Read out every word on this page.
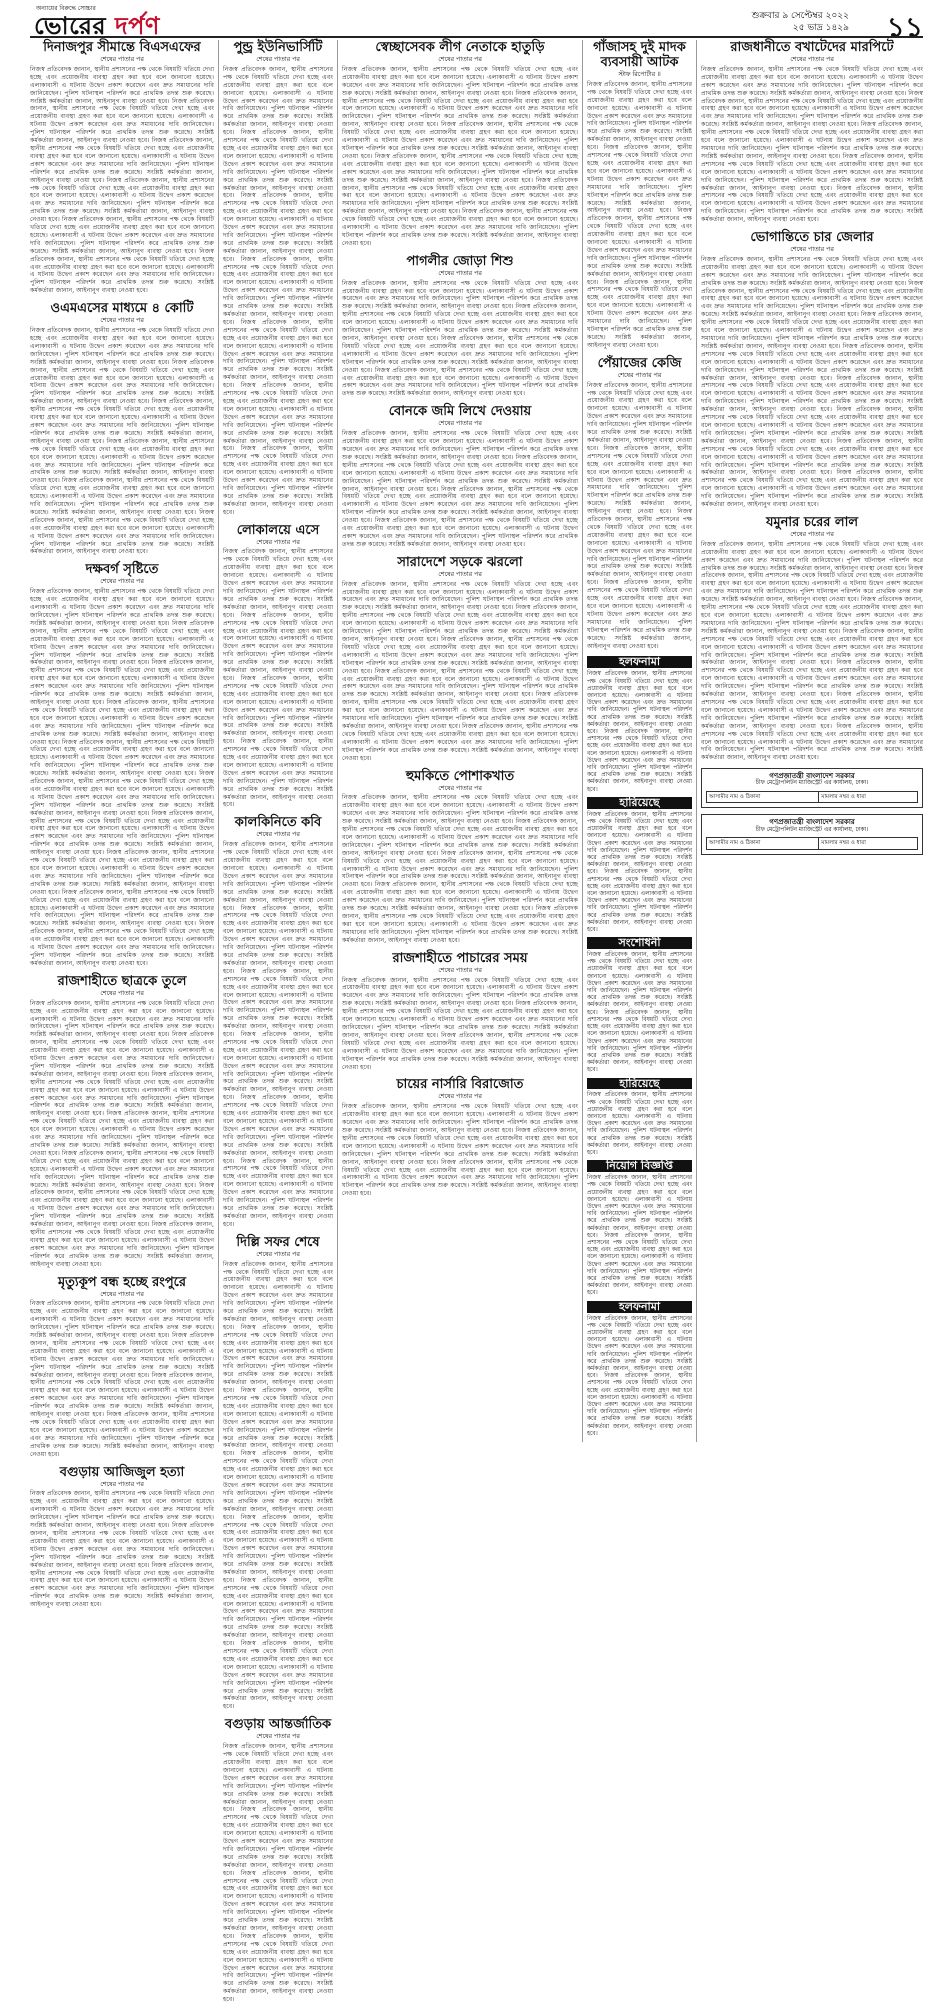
অন্যায়ের বিরুদ্ধে সোচ্চার
ভোরের দর্পণ	শুক্রবার ৯ সেপ্টেম্বর ২০২২
২৫ ভাদ্র ১৪২৯ ১১
দিনাজপুর সীমান্তে বিএসএফের
শেষের পাতার পর

নিজস্ব প্রতিবেদক জানান, স্থানীয় প্রশাসনের পক্ষ থেকে বিষয়টি খতিয়ে দেখা হচ্ছে এবং প্রয়োজনীয় ব্যবস্থা গ্রহণ করা হবে বলে জানানো হয়েছে। এলাকাবাসী এ ঘটনায় উদ্বেগ প্রকাশ করেছেন এবং দ্রুত সমাধানের দাবি জানিয়েছেন। পুলিশ ঘটনাস্থল পরিদর্শন করে প্রাথমিক তদন্ত শুরু করেছে। সংশ্লিষ্ট কর্মকর্তারা জানান, আইনানুগ ব্যবস্থা নেওয়া হবে। নিজস্ব প্রতিবেদক জানান, স্থানীয় প্রশাসনের পক্ষ থেকে বিষয়টি খতিয়ে দেখা হচ্ছে এবং প্রয়োজনীয় ব্যবস্থা গ্রহণ করা হবে বলে জানানো হয়েছে। এলাকাবাসী এ ঘটনায় উদ্বেগ প্রকাশ করেছেন এবং দ্রুত সমাধানের দাবি জানিয়েছেন। পুলিশ ঘটনাস্থল পরিদর্শন করে প্রাথমিক তদন্ত শুরু করেছে। সংশ্লিষ্ট কর্মকর্তারা জানান, আইনানুগ ব্যবস্থা নেওয়া হবে। নিজস্ব প্রতিবেদক জানান, স্থানীয় প্রশাসনের পক্ষ থেকে বিষয়টি খতিয়ে দেখা হচ্ছে এবং প্রয়োজনীয় ব্যবস্থা গ্রহণ করা হবে বলে জানানো হয়েছে। এলাকাবাসী এ ঘটনায় উদ্বেগ প্রকাশ করেছেন এবং দ্রুত সমাধানের দাবি জানিয়েছেন। পুলিশ ঘটনাস্থল পরিদর্শন করে প্রাথমিক তদন্ত শুরু করেছে। সংশ্লিষ্ট কর্মকর্তারা জানান, আইনানুগ ব্যবস্থা নেওয়া হবে। নিজস্ব প্রতিবেদক জানান, স্থানীয় প্রশাসনের পক্ষ থেকে বিষয়টি খতিয়ে দেখা হচ্ছে এবং প্রয়োজনীয় ব্যবস্থা গ্রহণ করা হবে বলে জানানো হয়েছে। এলাকাবাসী এ ঘটনায় উদ্বেগ প্রকাশ করেছেন এবং দ্রুত সমাধানের দাবি জানিয়েছেন। পুলিশ ঘটনাস্থল পরিদর্শন করে প্রাথমিক তদন্ত শুরু করেছে। সংশ্লিষ্ট কর্মকর্তারা জানান, আইনানুগ ব্যবস্থা নেওয়া হবে। নিজস্ব প্রতিবেদক জানান, স্থানীয় প্রশাসনের পক্ষ থেকে বিষয়টি খতিয়ে দেখা হচ্ছে এবং প্রয়োজনীয় ব্যবস্থা গ্রহণ করা হবে বলে জানানো হয়েছে। এলাকাবাসী এ ঘটনায় উদ্বেগ প্রকাশ করেছেন এবং দ্রুত সমাধানের দাবি জানিয়েছেন। পুলিশ ঘটনাস্থল পরিদর্শন করে প্রাথমিক তদন্ত শুরু করেছে। সংশ্লিষ্ট কর্মকর্তারা জানান, আইনানুগ ব্যবস্থা নেওয়া হবে। নিজস্ব প্রতিবেদক জানান, স্থানীয় প্রশাসনের পক্ষ থেকে বিষয়টি খতিয়ে দেখা হচ্ছে এবং প্রয়োজনীয় ব্যবস্থা গ্রহণ করা হবে বলে জানানো হয়েছে। এলাকাবাসী এ ঘটনায় উদ্বেগ প্রকাশ করেছেন এবং দ্রুত সমাধানের দাবি জানিয়েছেন। পুলিশ ঘটনাস্থল পরিদর্শন করে প্রাথমিক তদন্ত শুরু করেছে। সংশ্লিষ্ট কর্মকর্তারা জানান, আইনানুগ ব্যবস্থা নেওয়া হবে।

ওএমএসের মাধ্যমে ৪ কোটি
শেষের পাতার পর

নিজস্ব প্রতিবেদক জানান, স্থানীয় প্রশাসনের পক্ষ থেকে বিষয়টি খতিয়ে দেখা হচ্ছে এবং প্রয়োজনীয় ব্যবস্থা গ্রহণ করা হবে বলে জানানো হয়েছে। এলাকাবাসী এ ঘটনায় উদ্বেগ প্রকাশ করেছেন এবং দ্রুত সমাধানের দাবি জানিয়েছেন। পুলিশ ঘটনাস্থল পরিদর্শন করে প্রাথমিক তদন্ত শুরু করেছে। সংশ্লিষ্ট কর্মকর্তারা জানান, আইনানুগ ব্যবস্থা নেওয়া হবে। নিজস্ব প্রতিবেদক জানান, স্থানীয় প্রশাসনের পক্ষ থেকে বিষয়টি খতিয়ে দেখা হচ্ছে এবং প্রয়োজনীয় ব্যবস্থা গ্রহণ করা হবে বলে জানানো হয়েছে। এলাকাবাসী এ ঘটনায় উদ্বেগ প্রকাশ করেছেন এবং দ্রুত সমাধানের দাবি জানিয়েছেন। পুলিশ ঘটনাস্থল পরিদর্শন করে প্রাথমিক তদন্ত শুরু করেছে। সংশ্লিষ্ট কর্মকর্তারা জানান, আইনানুগ ব্যবস্থা নেওয়া হবে। নিজস্ব প্রতিবেদক জানান, স্থানীয় প্রশাসনের পক্ষ থেকে বিষয়টি খতিয়ে দেখা হচ্ছে এবং প্রয়োজনীয় ব্যবস্থা গ্রহণ করা হবে বলে জানানো হয়েছে। এলাকাবাসী এ ঘটনায় উদ্বেগ প্রকাশ করেছেন এবং দ্রুত সমাধানের দাবি জানিয়েছেন। পুলিশ ঘটনাস্থল পরিদর্শন করে প্রাথমিক তদন্ত শুরু করেছে। সংশ্লিষ্ট কর্মকর্তারা জানান, আইনানুগ ব্যবস্থা নেওয়া হবে। নিজস্ব প্রতিবেদক জানান, স্থানীয় প্রশাসনের পক্ষ থেকে বিষয়টি খতিয়ে দেখা হচ্ছে এবং প্রয়োজনীয় ব্যবস্থা গ্রহণ করা হবে বলে জানানো হয়েছে। এলাকাবাসী এ ঘটনায় উদ্বেগ প্রকাশ করেছেন এবং দ্রুত সমাধানের দাবি জানিয়েছেন। পুলিশ ঘটনাস্থল পরিদর্শন করে প্রাথমিক তদন্ত শুরু করেছে। সংশ্লিষ্ট কর্মকর্তারা জানান, আইনানুগ ব্যবস্থা নেওয়া হবে। নিজস্ব প্রতিবেদক জানান, স্থানীয় প্রশাসনের পক্ষ থেকে বিষয়টি খতিয়ে দেখা হচ্ছে এবং প্রয়োজনীয় ব্যবস্থা গ্রহণ করা হবে বলে জানানো হয়েছে। এলাকাবাসী এ ঘটনায় উদ্বেগ প্রকাশ করেছেন এবং দ্রুত সমাধানের দাবি জানিয়েছেন। পুলিশ ঘটনাস্থল পরিদর্শন করে প্রাথমিক তদন্ত শুরু করেছে। সংশ্লিষ্ট কর্মকর্তারা জানান, আইনানুগ ব্যবস্থা নেওয়া হবে। নিজস্ব প্রতিবেদক জানান, স্থানীয় প্রশাসনের পক্ষ থেকে বিষয়টি খতিয়ে দেখা হচ্ছে এবং প্রয়োজনীয় ব্যবস্থা গ্রহণ করা হবে বলে জানানো হয়েছে। এলাকাবাসী এ ঘটনায় উদ্বেগ প্রকাশ করেছেন এবং দ্রুত সমাধানের দাবি জানিয়েছেন। পুলিশ ঘটনাস্থল পরিদর্শন করে প্রাথমিক তদন্ত শুরু করেছে। সংশ্লিষ্ট কর্মকর্তারা জানান, আইনানুগ ব্যবস্থা নেওয়া হবে।

দক্ষবর্গ সৃষ্টিতে
শেষের পাতার পর

নিজস্ব প্রতিবেদক জানান, স্থানীয় প্রশাসনের পক্ষ থেকে বিষয়টি খতিয়ে দেখা হচ্ছে এবং প্রয়োজনীয় ব্যবস্থা গ্রহণ করা হবে বলে জানানো হয়েছে। এলাকাবাসী এ ঘটনায় উদ্বেগ প্রকাশ করেছেন এবং দ্রুত সমাধানের দাবি জানিয়েছেন। পুলিশ ঘটনাস্থল পরিদর্শন করে প্রাথমিক তদন্ত শুরু করেছে। সংশ্লিষ্ট কর্মকর্তারা জানান, আইনানুগ ব্যবস্থা নেওয়া হবে। নিজস্ব প্রতিবেদক জানান, স্থানীয় প্রশাসনের পক্ষ থেকে বিষয়টি খতিয়ে দেখা হচ্ছে এবং প্রয়োজনীয় ব্যবস্থা গ্রহণ করা হবে বলে জানানো হয়েছে। এলাকাবাসী এ ঘটনায় উদ্বেগ প্রকাশ করেছেন এবং দ্রুত সমাধানের দাবি জানিয়েছেন। পুলিশ ঘটনাস্থল পরিদর্শন করে প্রাথমিক তদন্ত শুরু করেছে। সংশ্লিষ্ট কর্মকর্তারা জানান, আইনানুগ ব্যবস্থা নেওয়া হবে। নিজস্ব প্রতিবেদক জানান, স্থানীয় প্রশাসনের পক্ষ থেকে বিষয়টি খতিয়ে দেখা হচ্ছে এবং প্রয়োজনীয় ব্যবস্থা গ্রহণ করা হবে বলে জানানো হয়েছে। এলাকাবাসী এ ঘটনায় উদ্বেগ প্রকাশ করেছেন এবং দ্রুত সমাধানের দাবি জানিয়েছেন। পুলিশ ঘটনাস্থল পরিদর্শন করে প্রাথমিক তদন্ত শুরু করেছে। সংশ্লিষ্ট কর্মকর্তারা জানান, আইনানুগ ব্যবস্থা নেওয়া হবে। নিজস্ব প্রতিবেদক জানান, স্থানীয় প্রশাসনের পক্ষ থেকে বিষয়টি খতিয়ে দেখা হচ্ছে এবং প্রয়োজনীয় ব্যবস্থা গ্রহণ করা হবে বলে জানানো হয়েছে। এলাকাবাসী এ ঘটনায় উদ্বেগ প্রকাশ করেছেন এবং দ্রুত সমাধানের দাবি জানিয়েছেন। পুলিশ ঘটনাস্থল পরিদর্শন করে প্রাথমিক তদন্ত শুরু করেছে। সংশ্লিষ্ট কর্মকর্তারা জানান, আইনানুগ ব্যবস্থা নেওয়া হবে। নিজস্ব প্রতিবেদক জানান, স্থানীয় প্রশাসনের পক্ষ থেকে বিষয়টি খতিয়ে দেখা হচ্ছে এবং প্রয়োজনীয় ব্যবস্থা গ্রহণ করা হবে বলে জানানো হয়েছে। এলাকাবাসী এ ঘটনায় উদ্বেগ প্রকাশ করেছেন এবং দ্রুত সমাধানের দাবি জানিয়েছেন। পুলিশ ঘটনাস্থল পরিদর্শন করে প্রাথমিক তদন্ত শুরু করেছে। সংশ্লিষ্ট কর্মকর্তারা জানান, আইনানুগ ব্যবস্থা নেওয়া হবে। নিজস্ব প্রতিবেদক জানান, স্থানীয় প্রশাসনের পক্ষ থেকে বিষয়টি খতিয়ে দেখা হচ্ছে এবং প্রয়োজনীয় ব্যবস্থা গ্রহণ করা হবে বলে জানানো হয়েছে। এলাকাবাসী এ ঘটনায় উদ্বেগ প্রকাশ করেছেন এবং দ্রুত সমাধানের দাবি জানিয়েছেন। পুলিশ ঘটনাস্থল পরিদর্শন করে প্রাথমিক তদন্ত শুরু করেছে। সংশ্লিষ্ট কর্মকর্তারা জানান, আইনানুগ ব্যবস্থা নেওয়া হবে। নিজস্ব প্রতিবেদক জানান, স্থানীয় প্রশাসনের পক্ষ থেকে বিষয়টি খতিয়ে দেখা হচ্ছে এবং প্রয়োজনীয় ব্যবস্থা গ্রহণ করা হবে বলে জানানো হয়েছে। এলাকাবাসী এ ঘটনায় উদ্বেগ প্রকাশ করেছেন এবং দ্রুত সমাধানের দাবি জানিয়েছেন। পুলিশ ঘটনাস্থল পরিদর্শন করে প্রাথমিক তদন্ত শুরু করেছে। সংশ্লিষ্ট কর্মকর্তারা জানান, আইনানুগ ব্যবস্থা নেওয়া হবে। নিজস্ব প্রতিবেদক জানান, স্থানীয় প্রশাসনের পক্ষ থেকে বিষয়টি খতিয়ে দেখা হচ্ছে এবং প্রয়োজনীয় ব্যবস্থা গ্রহণ করা হবে বলে জানানো হয়েছে। এলাকাবাসী এ ঘটনায় উদ্বেগ প্রকাশ করেছেন এবং দ্রুত সমাধানের দাবি জানিয়েছেন। পুলিশ ঘটনাস্থল পরিদর্শন করে প্রাথমিক তদন্ত শুরু করেছে। সংশ্লিষ্ট কর্মকর্তারা জানান, আইনানুগ ব্যবস্থা নেওয়া হবে। নিজস্ব প্রতিবেদক জানান, স্থানীয় প্রশাসনের পক্ষ থেকে বিষয়টি খতিয়ে দেখা হচ্ছে এবং প্রয়োজনীয় ব্যবস্থা গ্রহণ করা হবে বলে জানানো হয়েছে। এলাকাবাসী এ ঘটনায় উদ্বেগ প্রকাশ করেছেন এবং দ্রুত সমাধানের দাবি জানিয়েছেন। পুলিশ ঘটনাস্থল পরিদর্শন করে প্রাথমিক তদন্ত শুরু করেছে। সংশ্লিষ্ট কর্মকর্তারা জানান, আইনানুগ ব্যবস্থা নেওয়া হবে। নিজস্ব প্রতিবেদক জানান, স্থানীয় প্রশাসনের পক্ষ থেকে বিষয়টি খতিয়ে দেখা হচ্ছে এবং প্রয়োজনীয় ব্যবস্থা গ্রহণ করা হবে বলে জানানো হয়েছে। এলাকাবাসী এ ঘটনায় উদ্বেগ প্রকাশ করেছেন এবং দ্রুত সমাধানের দাবি জানিয়েছেন। পুলিশ ঘটনাস্থল পরিদর্শন করে প্রাথমিক তদন্ত শুরু করেছে। সংশ্লিষ্ট কর্মকর্তারা জানান, আইনানুগ ব্যবস্থা নেওয়া হবে।

রাজশাহীতে ছাত্রকে তুলে
শেষের পাতার পর

নিজস্ব প্রতিবেদক জানান, স্থানীয় প্রশাসনের পক্ষ থেকে বিষয়টি খতিয়ে দেখা হচ্ছে এবং প্রয়োজনীয় ব্যবস্থা গ্রহণ করা হবে বলে জানানো হয়েছে। এলাকাবাসী এ ঘটনায় উদ্বেগ প্রকাশ করেছেন এবং দ্রুত সমাধানের দাবি জানিয়েছেন। পুলিশ ঘটনাস্থল পরিদর্শন করে প্রাথমিক তদন্ত শুরু করেছে। সংশ্লিষ্ট কর্মকর্তারা জানান, আইনানুগ ব্যবস্থা নেওয়া হবে। নিজস্ব প্রতিবেদক জানান, স্থানীয় প্রশাসনের পক্ষ থেকে বিষয়টি খতিয়ে দেখা হচ্ছে এবং প্রয়োজনীয় ব্যবস্থা গ্রহণ করা হবে বলে জানানো হয়েছে। এলাকাবাসী এ ঘটনায় উদ্বেগ প্রকাশ করেছেন এবং দ্রুত সমাধানের দাবি জানিয়েছেন। পুলিশ ঘটনাস্থল পরিদর্শন করে প্রাথমিক তদন্ত শুরু করেছে। সংশ্লিষ্ট কর্মকর্তারা জানান, আইনানুগ ব্যবস্থা নেওয়া হবে। নিজস্ব প্রতিবেদক জানান, স্থানীয় প্রশাসনের পক্ষ থেকে বিষয়টি খতিয়ে দেখা হচ্ছে এবং প্রয়োজনীয় ব্যবস্থা গ্রহণ করা হবে বলে জানানো হয়েছে। এলাকাবাসী এ ঘটনায় উদ্বেগ প্রকাশ করেছেন এবং দ্রুত সমাধানের দাবি জানিয়েছেন। পুলিশ ঘটনাস্থল পরিদর্শন করে প্রাথমিক তদন্ত শুরু করেছে। সংশ্লিষ্ট কর্মকর্তারা জানান, আইনানুগ ব্যবস্থা নেওয়া হবে। নিজস্ব প্রতিবেদক জানান, স্থানীয় প্রশাসনের পক্ষ থেকে বিষয়টি খতিয়ে দেখা হচ্ছে এবং প্রয়োজনীয় ব্যবস্থা গ্রহণ করা হবে বলে জানানো হয়েছে। এলাকাবাসী এ ঘটনায় উদ্বেগ প্রকাশ করেছেন এবং দ্রুত সমাধানের দাবি জানিয়েছেন। পুলিশ ঘটনাস্থল পরিদর্শন করে প্রাথমিক তদন্ত শুরু করেছে। সংশ্লিষ্ট কর্মকর্তারা জানান, আইনানুগ ব্যবস্থা নেওয়া হবে। নিজস্ব প্রতিবেদক জানান, স্থানীয় প্রশাসনের পক্ষ থেকে বিষয়টি খতিয়ে দেখা হচ্ছে এবং প্রয়োজনীয় ব্যবস্থা গ্রহণ করা হবে বলে জানানো হয়েছে। এলাকাবাসী এ ঘটনায় উদ্বেগ প্রকাশ করেছেন এবং দ্রুত সমাধানের দাবি জানিয়েছেন। পুলিশ ঘটনাস্থল পরিদর্শন করে প্রাথমিক তদন্ত শুরু করেছে। সংশ্লিষ্ট কর্মকর্তারা জানান, আইনানুগ ব্যবস্থা নেওয়া হবে। নিজস্ব প্রতিবেদক জানান, স্থানীয় প্রশাসনের পক্ষ থেকে বিষয়টি খতিয়ে দেখা হচ্ছে এবং প্রয়োজনীয় ব্যবস্থা গ্রহণ করা হবে বলে জানানো হয়েছে। এলাকাবাসী এ ঘটনায় উদ্বেগ প্রকাশ করেছেন এবং দ্রুত সমাধানের দাবি জানিয়েছেন। পুলিশ ঘটনাস্থল পরিদর্শন করে প্রাথমিক তদন্ত শুরু করেছে। সংশ্লিষ্ট কর্মকর্তারা জানান, আইনানুগ ব্যবস্থা নেওয়া হবে। নিজস্ব প্রতিবেদক জানান, স্থানীয় প্রশাসনের পক্ষ থেকে বিষয়টি খতিয়ে দেখা হচ্ছে এবং প্রয়োজনীয় ব্যবস্থা গ্রহণ করা হবে বলে জানানো হয়েছে। এলাকাবাসী এ ঘটনায় উদ্বেগ প্রকাশ করেছেন এবং দ্রুত সমাধানের দাবি জানিয়েছেন। পুলিশ ঘটনাস্থল পরিদর্শন করে প্রাথমিক তদন্ত শুরু করেছে। সংশ্লিষ্ট কর্মকর্তারা জানান, আইনানুগ ব্যবস্থা নেওয়া হবে।

মৃত্যুকূপ বন্ধ হচ্ছে রংপুরে
শেষের পাতার পর

নিজস্ব প্রতিবেদক জানান, স্থানীয় প্রশাসনের পক্ষ থেকে বিষয়টি খতিয়ে দেখা হচ্ছে এবং প্রয়োজনীয় ব্যবস্থা গ্রহণ করা হবে বলে জানানো হয়েছে। এলাকাবাসী এ ঘটনায় উদ্বেগ প্রকাশ করেছেন এবং দ্রুত সমাধানের দাবি জানিয়েছেন। পুলিশ ঘটনাস্থল পরিদর্শন করে প্রাথমিক তদন্ত শুরু করেছে। সংশ্লিষ্ট কর্মকর্তারা জানান, আইনানুগ ব্যবস্থা নেওয়া হবে। নিজস্ব প্রতিবেদক জানান, স্থানীয় প্রশাসনের পক্ষ থেকে বিষয়টি খতিয়ে দেখা হচ্ছে এবং প্রয়োজনীয় ব্যবস্থা গ্রহণ করা হবে বলে জানানো হয়েছে। এলাকাবাসী এ ঘটনায় উদ্বেগ প্রকাশ করেছেন এবং দ্রুত সমাধানের দাবি জানিয়েছেন। পুলিশ ঘটনাস্থল পরিদর্শন করে প্রাথমিক তদন্ত শুরু করেছে। সংশ্লিষ্ট কর্মকর্তারা জানান, আইনানুগ ব্যবস্থা নেওয়া হবে। নিজস্ব প্রতিবেদক জানান, স্থানীয় প্রশাসনের পক্ষ থেকে বিষয়টি খতিয়ে দেখা হচ্ছে এবং প্রয়োজনীয় ব্যবস্থা গ্রহণ করা হবে বলে জানানো হয়েছে। এলাকাবাসী এ ঘটনায় উদ্বেগ প্রকাশ করেছেন এবং দ্রুত সমাধানের দাবি জানিয়েছেন। পুলিশ ঘটনাস্থল পরিদর্শন করে প্রাথমিক তদন্ত শুরু করেছে। সংশ্লিষ্ট কর্মকর্তারা জানান, আইনানুগ ব্যবস্থা নেওয়া হবে। নিজস্ব প্রতিবেদক জানান, স্থানীয় প্রশাসনের পক্ষ থেকে বিষয়টি খতিয়ে দেখা হচ্ছে এবং প্রয়োজনীয় ব্যবস্থা গ্রহণ করা হবে বলে জানানো হয়েছে। এলাকাবাসী এ ঘটনায় উদ্বেগ প্রকাশ করেছেন এবং দ্রুত সমাধানের দাবি জানিয়েছেন। পুলিশ ঘটনাস্থল পরিদর্শন করে প্রাথমিক তদন্ত শুরু করেছে। সংশ্লিষ্ট কর্মকর্তারা জানান, আইনানুগ ব্যবস্থা নেওয়া হবে।

বগুড়ায় আজিজুল হত্যা
শেষের পাতার পর

নিজস্ব প্রতিবেদক জানান, স্থানীয় প্রশাসনের পক্ষ থেকে বিষয়টি খতিয়ে দেখা হচ্ছে এবং প্রয়োজনীয় ব্যবস্থা গ্রহণ করা হবে বলে জানানো হয়েছে। এলাকাবাসী এ ঘটনায় উদ্বেগ প্রকাশ করেছেন এবং দ্রুত সমাধানের দাবি জানিয়েছেন। পুলিশ ঘটনাস্থল পরিদর্শন করে প্রাথমিক তদন্ত শুরু করেছে। সংশ্লিষ্ট কর্মকর্তারা জানান, আইনানুগ ব্যবস্থা নেওয়া হবে। নিজস্ব প্রতিবেদক জানান, স্থানীয় প্রশাসনের পক্ষ থেকে বিষয়টি খতিয়ে দেখা হচ্ছে এবং প্রয়োজনীয় ব্যবস্থা গ্রহণ করা হবে বলে জানানো হয়েছে। এলাকাবাসী এ ঘটনায় উদ্বেগ প্রকাশ করেছেন এবং দ্রুত সমাধানের দাবি জানিয়েছেন। পুলিশ ঘটনাস্থল পরিদর্শন করে প্রাথমিক তদন্ত শুরু করেছে। সংশ্লিষ্ট কর্মকর্তারা জানান, আইনানুগ ব্যবস্থা নেওয়া হবে। নিজস্ব প্রতিবেদক জানান, স্থানীয় প্রশাসনের পক্ষ থেকে বিষয়টি খতিয়ে দেখা হচ্ছে এবং প্রয়োজনীয় ব্যবস্থা গ্রহণ করা হবে বলে জানানো হয়েছে। এলাকাবাসী এ ঘটনায় উদ্বেগ প্রকাশ করেছেন এবং দ্রুত সমাধানের দাবি জানিয়েছেন। পুলিশ ঘটনাস্থল পরিদর্শন করে প্রাথমিক তদন্ত শুরু করেছে। সংশ্লিষ্ট কর্মকর্তারা জানান, আইনানুগ ব্যবস্থা নেওয়া হবে।

পুন্ড্র ইউনিভার্সিটি
শেষের পাতার পর

নিজস্ব প্রতিবেদক জানান, স্থানীয় প্রশাসনের পক্ষ থেকে বিষয়টি খতিয়ে দেখা হচ্ছে এবং প্রয়োজনীয় ব্যবস্থা গ্রহণ করা হবে বলে জানানো হয়েছে। এলাকাবাসী এ ঘটনায় উদ্বেগ প্রকাশ করেছেন এবং দ্রুত সমাধানের দাবি জানিয়েছেন। পুলিশ ঘটনাস্থল পরিদর্শন করে প্রাথমিক তদন্ত শুরু করেছে। সংশ্লিষ্ট কর্মকর্তারা জানান, আইনানুগ ব্যবস্থা নেওয়া হবে। নিজস্ব প্রতিবেদক জানান, স্থানীয় প্রশাসনের পক্ষ থেকে বিষয়টি খতিয়ে দেখা হচ্ছে এবং প্রয়োজনীয় ব্যবস্থা গ্রহণ করা হবে বলে জানানো হয়েছে। এলাকাবাসী এ ঘটনায় উদ্বেগ প্রকাশ করেছেন এবং দ্রুত সমাধানের দাবি জানিয়েছেন। পুলিশ ঘটনাস্থল পরিদর্শন করে প্রাথমিক তদন্ত শুরু করেছে। সংশ্লিষ্ট কর্মকর্তারা জানান, আইনানুগ ব্যবস্থা নেওয়া হবে। নিজস্ব প্রতিবেদক জানান, স্থানীয় প্রশাসনের পক্ষ থেকে বিষয়টি খতিয়ে দেখা হচ্ছে এবং প্রয়োজনীয় ব্যবস্থা গ্রহণ করা হবে বলে জানানো হয়েছে। এলাকাবাসী এ ঘটনায় উদ্বেগ প্রকাশ করেছেন এবং দ্রুত সমাধানের দাবি জানিয়েছেন। পুলিশ ঘটনাস্থল পরিদর্শন করে প্রাথমিক তদন্ত শুরু করেছে। সংশ্লিষ্ট কর্মকর্তারা জানান, আইনানুগ ব্যবস্থা নেওয়া হবে। নিজস্ব প্রতিবেদক জানান, স্থানীয় প্রশাসনের পক্ষ থেকে বিষয়টি খতিয়ে দেখা হচ্ছে এবং প্রয়োজনীয় ব্যবস্থা গ্রহণ করা হবে বলে জানানো হয়েছে। এলাকাবাসী এ ঘটনায় উদ্বেগ প্রকাশ করেছেন এবং দ্রুত সমাধানের দাবি জানিয়েছেন। পুলিশ ঘটনাস্থল পরিদর্শন করে প্রাথমিক তদন্ত শুরু করেছে। সংশ্লিষ্ট কর্মকর্তারা জানান, আইনানুগ ব্যবস্থা নেওয়া হবে। নিজস্ব প্রতিবেদক জানান, স্থানীয় প্রশাসনের পক্ষ থেকে বিষয়টি খতিয়ে দেখা হচ্ছে এবং প্রয়োজনীয় ব্যবস্থা গ্রহণ করা হবে বলে জানানো হয়েছে। এলাকাবাসী এ ঘটনায় উদ্বেগ প্রকাশ করেছেন এবং দ্রুত সমাধানের দাবি জানিয়েছেন। পুলিশ ঘটনাস্থল পরিদর্শন করে প্রাথমিক তদন্ত শুরু করেছে। সংশ্লিষ্ট কর্মকর্তারা জানান, আইনানুগ ব্যবস্থা নেওয়া হবে। নিজস্ব প্রতিবেদক জানান, স্থানীয় প্রশাসনের পক্ষ থেকে বিষয়টি খতিয়ে দেখা হচ্ছে এবং প্রয়োজনীয় ব্যবস্থা গ্রহণ করা হবে বলে জানানো হয়েছে। এলাকাবাসী এ ঘটনায় উদ্বেগ প্রকাশ করেছেন এবং দ্রুত সমাধানের দাবি জানিয়েছেন। পুলিশ ঘটনাস্থল পরিদর্শন করে প্রাথমিক তদন্ত শুরু করেছে। সংশ্লিষ্ট কর্মকর্তারা জানান, আইনানুগ ব্যবস্থা নেওয়া হবে। নিজস্ব প্রতিবেদক জানান, স্থানীয় প্রশাসনের পক্ষ থেকে বিষয়টি খতিয়ে দেখা হচ্ছে এবং প্রয়োজনীয় ব্যবস্থা গ্রহণ করা হবে বলে জানানো হয়েছে। এলাকাবাসী এ ঘটনায় উদ্বেগ প্রকাশ করেছেন এবং দ্রুত সমাধানের দাবি জানিয়েছেন। পুলিশ ঘটনাস্থল পরিদর্শন করে প্রাথমিক তদন্ত শুরু করেছে। সংশ্লিষ্ট কর্মকর্তারা জানান, আইনানুগ ব্যবস্থা নেওয়া হবে।

লোকালয়ে এসে
শেষের পাতার পর

নিজস্ব প্রতিবেদক জানান, স্থানীয় প্রশাসনের পক্ষ থেকে বিষয়টি খতিয়ে দেখা হচ্ছে এবং প্রয়োজনীয় ব্যবস্থা গ্রহণ করা হবে বলে জানানো হয়েছে। এলাকাবাসী এ ঘটনায় উদ্বেগ প্রকাশ করেছেন এবং দ্রুত সমাধানের দাবি জানিয়েছেন। পুলিশ ঘটনাস্থল পরিদর্শন করে প্রাথমিক তদন্ত শুরু করেছে। সংশ্লিষ্ট কর্মকর্তারা জানান, আইনানুগ ব্যবস্থা নেওয়া হবে। নিজস্ব প্রতিবেদক জানান, স্থানীয় প্রশাসনের পক্ষ থেকে বিষয়টি খতিয়ে দেখা হচ্ছে এবং প্রয়োজনীয় ব্যবস্থা গ্রহণ করা হবে বলে জানানো হয়েছে। এলাকাবাসী এ ঘটনায় উদ্বেগ প্রকাশ করেছেন এবং দ্রুত সমাধানের দাবি জানিয়েছেন। পুলিশ ঘটনাস্থল পরিদর্শন করে প্রাথমিক তদন্ত শুরু করেছে। সংশ্লিষ্ট কর্মকর্তারা জানান, আইনানুগ ব্যবস্থা নেওয়া হবে। নিজস্ব প্রতিবেদক জানান, স্থানীয় প্রশাসনের পক্ষ থেকে বিষয়টি খতিয়ে দেখা হচ্ছে এবং প্রয়োজনীয় ব্যবস্থা গ্রহণ করা হবে বলে জানানো হয়েছে। এলাকাবাসী এ ঘটনায় উদ্বেগ প্রকাশ করেছেন এবং দ্রুত সমাধানের দাবি জানিয়েছেন। পুলিশ ঘটনাস্থল পরিদর্শন করে প্রাথমিক তদন্ত শুরু করেছে। সংশ্লিষ্ট কর্মকর্তারা জানান, আইনানুগ ব্যবস্থা নেওয়া হবে। নিজস্ব প্রতিবেদক জানান, স্থানীয় প্রশাসনের পক্ষ থেকে বিষয়টি খতিয়ে দেখা হচ্ছে এবং প্রয়োজনীয় ব্যবস্থা গ্রহণ করা হবে বলে জানানো হয়েছে। এলাকাবাসী এ ঘটনায় উদ্বেগ প্রকাশ করেছেন এবং দ্রুত সমাধানের দাবি জানিয়েছেন। পুলিশ ঘটনাস্থল পরিদর্শন করে প্রাথমিক তদন্ত শুরু করেছে। সংশ্লিষ্ট কর্মকর্তারা জানান, আইনানুগ ব্যবস্থা নেওয়া হবে।

কালকিনিতে কবি
শেষের পাতার পর

নিজস্ব প্রতিবেদক জানান, স্থানীয় প্রশাসনের পক্ষ থেকে বিষয়টি খতিয়ে দেখা হচ্ছে এবং প্রয়োজনীয় ব্যবস্থা গ্রহণ করা হবে বলে জানানো হয়েছে। এলাকাবাসী এ ঘটনায় উদ্বেগ প্রকাশ করেছেন এবং দ্রুত সমাধানের দাবি জানিয়েছেন। পুলিশ ঘটনাস্থল পরিদর্শন করে প্রাথমিক তদন্ত শুরু করেছে। সংশ্লিষ্ট কর্মকর্তারা জানান, আইনানুগ ব্যবস্থা নেওয়া হবে। নিজস্ব প্রতিবেদক জানান, স্থানীয় প্রশাসনের পক্ষ থেকে বিষয়টি খতিয়ে দেখা হচ্ছে এবং প্রয়োজনীয় ব্যবস্থা গ্রহণ করা হবে বলে জানানো হয়েছে। এলাকাবাসী এ ঘটনায় উদ্বেগ প্রকাশ করেছেন এবং দ্রুত সমাধানের দাবি জানিয়েছেন। পুলিশ ঘটনাস্থল পরিদর্শন করে প্রাথমিক তদন্ত শুরু করেছে। সংশ্লিষ্ট কর্মকর্তারা জানান, আইনানুগ ব্যবস্থা নেওয়া হবে। নিজস্ব প্রতিবেদক জানান, স্থানীয় প্রশাসনের পক্ষ থেকে বিষয়টি খতিয়ে দেখা হচ্ছে এবং প্রয়োজনীয় ব্যবস্থা গ্রহণ করা হবে বলে জানানো হয়েছে। এলাকাবাসী এ ঘটনায় উদ্বেগ প্রকাশ করেছেন এবং দ্রুত সমাধানের দাবি জানিয়েছেন। পুলিশ ঘটনাস্থল পরিদর্শন করে প্রাথমিক তদন্ত শুরু করেছে। সংশ্লিষ্ট কর্মকর্তারা জানান, আইনানুগ ব্যবস্থা নেওয়া হবে। নিজস্ব প্রতিবেদক জানান, স্থানীয় প্রশাসনের পক্ষ থেকে বিষয়টি খতিয়ে দেখা হচ্ছে এবং প্রয়োজনীয় ব্যবস্থা গ্রহণ করা হবে বলে জানানো হয়েছে। এলাকাবাসী এ ঘটনায় উদ্বেগ প্রকাশ করেছেন এবং দ্রুত সমাধানের দাবি জানিয়েছেন। পুলিশ ঘটনাস্থল পরিদর্শন করে প্রাথমিক তদন্ত শুরু করেছে। সংশ্লিষ্ট কর্মকর্তারা জানান, আইনানুগ ব্যবস্থা নেওয়া হবে। নিজস্ব প্রতিবেদক জানান, স্থানীয় প্রশাসনের পক্ষ থেকে বিষয়টি খতিয়ে দেখা হচ্ছে এবং প্রয়োজনীয় ব্যবস্থা গ্রহণ করা হবে বলে জানানো হয়েছে। এলাকাবাসী এ ঘটনায় উদ্বেগ প্রকাশ করেছেন এবং দ্রুত সমাধানের দাবি জানিয়েছেন। পুলিশ ঘটনাস্থল পরিদর্শন করে প্রাথমিক তদন্ত শুরু করেছে। সংশ্লিষ্ট কর্মকর্তারা জানান, আইনানুগ ব্যবস্থা নেওয়া হবে। নিজস্ব প্রতিবেদক জানান, স্থানীয় প্রশাসনের পক্ষ থেকে বিষয়টি খতিয়ে দেখা হচ্ছে এবং প্রয়োজনীয় ব্যবস্থা গ্রহণ করা হবে বলে জানানো হয়েছে। এলাকাবাসী এ ঘটনায় উদ্বেগ প্রকাশ করেছেন এবং দ্রুত সমাধানের দাবি জানিয়েছেন। পুলিশ ঘটনাস্থল পরিদর্শন করে প্রাথমিক তদন্ত শুরু করেছে। সংশ্লিষ্ট কর্মকর্তারা জানান, আইনানুগ ব্যবস্থা নেওয়া হবে।

দিল্লি সফর শেষে
শেষের পাতার পর

নিজস্ব প্রতিবেদক জানান, স্থানীয় প্রশাসনের পক্ষ থেকে বিষয়টি খতিয়ে দেখা হচ্ছে এবং প্রয়োজনীয় ব্যবস্থা গ্রহণ করা হবে বলে জানানো হয়েছে। এলাকাবাসী এ ঘটনায় উদ্বেগ প্রকাশ করেছেন এবং দ্রুত সমাধানের দাবি জানিয়েছেন। পুলিশ ঘটনাস্থল পরিদর্শন করে প্রাথমিক তদন্ত শুরু করেছে। সংশ্লিষ্ট কর্মকর্তারা জানান, আইনানুগ ব্যবস্থা নেওয়া হবে। নিজস্ব প্রতিবেদক জানান, স্থানীয় প্রশাসনের পক্ষ থেকে বিষয়টি খতিয়ে দেখা হচ্ছে এবং প্রয়োজনীয় ব্যবস্থা গ্রহণ করা হবে বলে জানানো হয়েছে। এলাকাবাসী এ ঘটনায় উদ্বেগ প্রকাশ করেছেন এবং দ্রুত সমাধানের দাবি জানিয়েছেন। পুলিশ ঘটনাস্থল পরিদর্শন করে প্রাথমিক তদন্ত শুরু করেছে। সংশ্লিষ্ট কর্মকর্তারা জানান, আইনানুগ ব্যবস্থা নেওয়া হবে। নিজস্ব প্রতিবেদক জানান, স্থানীয় প্রশাসনের পক্ষ থেকে বিষয়টি খতিয়ে দেখা হচ্ছে এবং প্রয়োজনীয় ব্যবস্থা গ্রহণ করা হবে বলে জানানো হয়েছে। এলাকাবাসী এ ঘটনায় উদ্বেগ প্রকাশ করেছেন এবং দ্রুত সমাধানের দাবি জানিয়েছেন। পুলিশ ঘটনাস্থল পরিদর্শন করে প্রাথমিক তদন্ত শুরু করেছে। সংশ্লিষ্ট কর্মকর্তারা জানান, আইনানুগ ব্যবস্থা নেওয়া হবে। নিজস্ব প্রতিবেদক জানান, স্থানীয় প্রশাসনের পক্ষ থেকে বিষয়টি খতিয়ে দেখা হচ্ছে এবং প্রয়োজনীয় ব্যবস্থা গ্রহণ করা হবে বলে জানানো হয়েছে। এলাকাবাসী এ ঘটনায় উদ্বেগ প্রকাশ করেছেন এবং দ্রুত সমাধানের দাবি জানিয়েছেন। পুলিশ ঘটনাস্থল পরিদর্শন করে প্রাথমিক তদন্ত শুরু করেছে। সংশ্লিষ্ট কর্মকর্তারা জানান, আইনানুগ ব্যবস্থা নেওয়া হবে। নিজস্ব প্রতিবেদক জানান, স্থানীয় প্রশাসনের পক্ষ থেকে বিষয়টি খতিয়ে দেখা হচ্ছে এবং প্রয়োজনীয় ব্যবস্থা গ্রহণ করা হবে বলে জানানো হয়েছে। এলাকাবাসী এ ঘটনায় উদ্বেগ প্রকাশ করেছেন এবং দ্রুত সমাধানের দাবি জানিয়েছেন। পুলিশ ঘটনাস্থল পরিদর্শন করে প্রাথমিক তদন্ত শুরু করেছে। সংশ্লিষ্ট কর্মকর্তারা জানান, আইনানুগ ব্যবস্থা নেওয়া হবে। নিজস্ব প্রতিবেদক জানান, স্থানীয় প্রশাসনের পক্ষ থেকে বিষয়টি খতিয়ে দেখা হচ্ছে এবং প্রয়োজনীয় ব্যবস্থা গ্রহণ করা হবে বলে জানানো হয়েছে। এলাকাবাসী এ ঘটনায় উদ্বেগ প্রকাশ করেছেন এবং দ্রুত সমাধানের দাবি জানিয়েছেন। পুলিশ ঘটনাস্থল পরিদর্শন করে প্রাথমিক তদন্ত শুরু করেছে। সংশ্লিষ্ট কর্মকর্তারা জানান, আইনানুগ ব্যবস্থা নেওয়া হবে। নিজস্ব প্রতিবেদক জানান, স্থানীয় প্রশাসনের পক্ষ থেকে বিষয়টি খতিয়ে দেখা হচ্ছে এবং প্রয়োজনীয় ব্যবস্থা গ্রহণ করা হবে বলে জানানো হয়েছে। এলাকাবাসী এ ঘটনায় উদ্বেগ প্রকাশ করেছেন এবং দ্রুত সমাধানের দাবি জানিয়েছেন। পুলিশ ঘটনাস্থল পরিদর্শন করে প্রাথমিক তদন্ত শুরু করেছে। সংশ্লিষ্ট কর্মকর্তারা জানান, আইনানুগ ব্যবস্থা নেওয়া হবে।

বগুড়ায় আন্তর্জাতিক
শেষের পাতার পর

নিজস্ব প্রতিবেদক জানান, স্থানীয় প্রশাসনের পক্ষ থেকে বিষয়টি খতিয়ে দেখা হচ্ছে এবং প্রয়োজনীয় ব্যবস্থা গ্রহণ করা হবে বলে জানানো হয়েছে। এলাকাবাসী এ ঘটনায় উদ্বেগ প্রকাশ করেছেন এবং দ্রুত সমাধানের দাবি জানিয়েছেন। পুলিশ ঘটনাস্থল পরিদর্শন করে প্রাথমিক তদন্ত শুরু করেছে। সংশ্লিষ্ট কর্মকর্তারা জানান, আইনানুগ ব্যবস্থা নেওয়া হবে। নিজস্ব প্রতিবেদক জানান, স্থানীয় প্রশাসনের পক্ষ থেকে বিষয়টি খতিয়ে দেখা হচ্ছে এবং প্রয়োজনীয় ব্যবস্থা গ্রহণ করা হবে বলে জানানো হয়েছে। এলাকাবাসী এ ঘটনায় উদ্বেগ প্রকাশ করেছেন এবং দ্রুত সমাধানের দাবি জানিয়েছেন। পুলিশ ঘটনাস্থল পরিদর্শন করে প্রাথমিক তদন্ত শুরু করেছে। সংশ্লিষ্ট কর্মকর্তারা জানান, আইনানুগ ব্যবস্থা নেওয়া হবে। নিজস্ব প্রতিবেদক জানান, স্থানীয় প্রশাসনের পক্ষ থেকে বিষয়টি খতিয়ে দেখা হচ্ছে এবং প্রয়োজনীয় ব্যবস্থা গ্রহণ করা হবে বলে জানানো হয়েছে। এলাকাবাসী এ ঘটনায় উদ্বেগ প্রকাশ করেছেন এবং দ্রুত সমাধানের দাবি জানিয়েছেন। পুলিশ ঘটনাস্থল পরিদর্শন করে প্রাথমিক তদন্ত শুরু করেছে। সংশ্লিষ্ট কর্মকর্তারা জানান, আইনানুগ ব্যবস্থা নেওয়া হবে। নিজস্ব প্রতিবেদক জানান, স্থানীয় প্রশাসনের পক্ষ থেকে বিষয়টি খতিয়ে দেখা হচ্ছে এবং প্রয়োজনীয় ব্যবস্থা গ্রহণ করা হবে বলে জানানো হয়েছে। এলাকাবাসী এ ঘটনায় উদ্বেগ প্রকাশ করেছেন এবং দ্রুত সমাধানের দাবি জানিয়েছেন। পুলিশ ঘটনাস্থল পরিদর্শন করে প্রাথমিক তদন্ত শুরু করেছে। সংশ্লিষ্ট কর্মকর্তারা জানান, আইনানুগ ব্যবস্থা নেওয়া হবে।

স্বেচ্ছাসেবক লীগ নেতাকে হাতুড়ি
শেষের পাতার পর

নিজস্ব প্রতিবেদক জানান, স্থানীয় প্রশাসনের পক্ষ থেকে বিষয়টি খতিয়ে দেখা হচ্ছে এবং প্রয়োজনীয় ব্যবস্থা গ্রহণ করা হবে বলে জানানো হয়েছে। এলাকাবাসী এ ঘটনায় উদ্বেগ প্রকাশ করেছেন এবং দ্রুত সমাধানের দাবি জানিয়েছেন। পুলিশ ঘটনাস্থল পরিদর্শন করে প্রাথমিক তদন্ত শুরু করেছে। সংশ্লিষ্ট কর্মকর্তারা জানান, আইনানুগ ব্যবস্থা নেওয়া হবে। নিজস্ব প্রতিবেদক জানান, স্থানীয় প্রশাসনের পক্ষ থেকে বিষয়টি খতিয়ে দেখা হচ্ছে এবং প্রয়োজনীয় ব্যবস্থা গ্রহণ করা হবে বলে জানানো হয়েছে। এলাকাবাসী এ ঘটনায় উদ্বেগ প্রকাশ করেছেন এবং দ্রুত সমাধানের দাবি জানিয়েছেন। পুলিশ ঘটনাস্থল পরিদর্শন করে প্রাথমিক তদন্ত শুরু করেছে। সংশ্লিষ্ট কর্মকর্তারা জানান, আইনানুগ ব্যবস্থা নেওয়া হবে। নিজস্ব প্রতিবেদক জানান, স্থানীয় প্রশাসনের পক্ষ থেকে বিষয়টি খতিয়ে দেখা হচ্ছে এবং প্রয়োজনীয় ব্যবস্থা গ্রহণ করা হবে বলে জানানো হয়েছে। এলাকাবাসী এ ঘটনায় উদ্বেগ প্রকাশ করেছেন এবং দ্রুত সমাধানের দাবি জানিয়েছেন। পুলিশ ঘটনাস্থল পরিদর্শন করে প্রাথমিক তদন্ত শুরু করেছে। সংশ্লিষ্ট কর্মকর্তারা জানান, আইনানুগ ব্যবস্থা নেওয়া হবে। নিজস্ব প্রতিবেদক জানান, স্থানীয় প্রশাসনের পক্ষ থেকে বিষয়টি খতিয়ে দেখা হচ্ছে এবং প্রয়োজনীয় ব্যবস্থা গ্রহণ করা হবে বলে জানানো হয়েছে। এলাকাবাসী এ ঘটনায় উদ্বেগ প্রকাশ করেছেন এবং দ্রুত সমাধানের দাবি জানিয়েছেন। পুলিশ ঘটনাস্থল পরিদর্শন করে প্রাথমিক তদন্ত শুরু করেছে। সংশ্লিষ্ট কর্মকর্তারা জানান, আইনানুগ ব্যবস্থা নেওয়া হবে। নিজস্ব প্রতিবেদক জানান, স্থানীয় প্রশাসনের পক্ষ থেকে বিষয়টি খতিয়ে দেখা হচ্ছে এবং প্রয়োজনীয় ব্যবস্থা গ্রহণ করা হবে বলে জানানো হয়েছে। এলাকাবাসী এ ঘটনায় উদ্বেগ প্রকাশ করেছেন এবং দ্রুত সমাধানের দাবি জানিয়েছেন। পুলিশ ঘটনাস্থল পরিদর্শন করে প্রাথমিক তদন্ত শুরু করেছে। সংশ্লিষ্ট কর্মকর্তারা জানান, আইনানুগ ব্যবস্থা নেওয়া হবে। নিজস্ব প্রতিবেদক জানান, স্থানীয় প্রশাসনের পক্ষ থেকে বিষয়টি খতিয়ে দেখা হচ্ছে এবং প্রয়োজনীয় ব্যবস্থা গ্রহণ করা হবে বলে জানানো হয়েছে। এলাকাবাসী এ ঘটনায় উদ্বেগ প্রকাশ করেছেন এবং দ্রুত সমাধানের দাবি জানিয়েছেন। পুলিশ ঘটনাস্থল পরিদর্শন করে প্রাথমিক তদন্ত শুরু করেছে। সংশ্লিষ্ট কর্মকর্তারা জানান, আইনানুগ ব্যবস্থা নেওয়া হবে।

পাগলীর জোড়া শিশু
শেষের পাতার পর

নিজস্ব প্রতিবেদক জানান, স্থানীয় প্রশাসনের পক্ষ থেকে বিষয়টি খতিয়ে দেখা হচ্ছে এবং প্রয়োজনীয় ব্যবস্থা গ্রহণ করা হবে বলে জানানো হয়েছে। এলাকাবাসী এ ঘটনায় উদ্বেগ প্রকাশ করেছেন এবং দ্রুত সমাধানের দাবি জানিয়েছেন। পুলিশ ঘটনাস্থল পরিদর্শন করে প্রাথমিক তদন্ত শুরু করেছে। সংশ্লিষ্ট কর্মকর্তারা জানান, আইনানুগ ব্যবস্থা নেওয়া হবে। নিজস্ব প্রতিবেদক জানান, স্থানীয় প্রশাসনের পক্ষ থেকে বিষয়টি খতিয়ে দেখা হচ্ছে এবং প্রয়োজনীয় ব্যবস্থা গ্রহণ করা হবে বলে জানানো হয়েছে। এলাকাবাসী এ ঘটনায় উদ্বেগ প্রকাশ করেছেন এবং দ্রুত সমাধানের দাবি জানিয়েছেন। পুলিশ ঘটনাস্থল পরিদর্শন করে প্রাথমিক তদন্ত শুরু করেছে। সংশ্লিষ্ট কর্মকর্তারা জানান, আইনানুগ ব্যবস্থা নেওয়া হবে। নিজস্ব প্রতিবেদক জানান, স্থানীয় প্রশাসনের পক্ষ থেকে বিষয়টি খতিয়ে দেখা হচ্ছে এবং প্রয়োজনীয় ব্যবস্থা গ্রহণ করা হবে বলে জানানো হয়েছে। এলাকাবাসী এ ঘটনায় উদ্বেগ প্রকাশ করেছেন এবং দ্রুত সমাধানের দাবি জানিয়েছেন। পুলিশ ঘটনাস্থল পরিদর্শন করে প্রাথমিক তদন্ত শুরু করেছে। সংশ্লিষ্ট কর্মকর্তারা জানান, আইনানুগ ব্যবস্থা নেওয়া হবে। নিজস্ব প্রতিবেদক জানান, স্থানীয় প্রশাসনের পক্ষ থেকে বিষয়টি খতিয়ে দেখা হচ্ছে এবং প্রয়োজনীয় ব্যবস্থা গ্রহণ করা হবে বলে জানানো হয়েছে। এলাকাবাসী এ ঘটনায় উদ্বেগ প্রকাশ করেছেন এবং দ্রুত সমাধানের দাবি জানিয়েছেন। পুলিশ ঘটনাস্থল পরিদর্শন করে প্রাথমিক তদন্ত শুরু করেছে। সংশ্লিষ্ট কর্মকর্তারা জানান, আইনানুগ ব্যবস্থা নেওয়া হবে।

বোনকে জমি লিখে দেওয়ায়
শেষের পাতার পর

নিজস্ব প্রতিবেদক জানান, স্থানীয় প্রশাসনের পক্ষ থেকে বিষয়টি খতিয়ে দেখা হচ্ছে এবং প্রয়োজনীয় ব্যবস্থা গ্রহণ করা হবে বলে জানানো হয়েছে। এলাকাবাসী এ ঘটনায় উদ্বেগ প্রকাশ করেছেন এবং দ্রুত সমাধানের দাবি জানিয়েছেন। পুলিশ ঘটনাস্থল পরিদর্শন করে প্রাথমিক তদন্ত শুরু করেছে। সংশ্লিষ্ট কর্মকর্তারা জানান, আইনানুগ ব্যবস্থা নেওয়া হবে। নিজস্ব প্রতিবেদক জানান, স্থানীয় প্রশাসনের পক্ষ থেকে বিষয়টি খতিয়ে দেখা হচ্ছে এবং প্রয়োজনীয় ব্যবস্থা গ্রহণ করা হবে বলে জানানো হয়েছে। এলাকাবাসী এ ঘটনায় উদ্বেগ প্রকাশ করেছেন এবং দ্রুত সমাধানের দাবি জানিয়েছেন। পুলিশ ঘটনাস্থল পরিদর্শন করে প্রাথমিক তদন্ত শুরু করেছে। সংশ্লিষ্ট কর্মকর্তারা জানান, আইনানুগ ব্যবস্থা নেওয়া হবে। নিজস্ব প্রতিবেদক জানান, স্থানীয় প্রশাসনের পক্ষ থেকে বিষয়টি খতিয়ে দেখা হচ্ছে এবং প্রয়োজনীয় ব্যবস্থা গ্রহণ করা হবে বলে জানানো হয়েছে। এলাকাবাসী এ ঘটনায় উদ্বেগ প্রকাশ করেছেন এবং দ্রুত সমাধানের দাবি জানিয়েছেন। পুলিশ ঘটনাস্থল পরিদর্শন করে প্রাথমিক তদন্ত শুরু করেছে। সংশ্লিষ্ট কর্মকর্তারা জানান, আইনানুগ ব্যবস্থা নেওয়া হবে। নিজস্ব প্রতিবেদক জানান, স্থানীয় প্রশাসনের পক্ষ থেকে বিষয়টি খতিয়ে দেখা হচ্ছে এবং প্রয়োজনীয় ব্যবস্থা গ্রহণ করা হবে বলে জানানো হয়েছে। এলাকাবাসী এ ঘটনায় উদ্বেগ প্রকাশ করেছেন এবং দ্রুত সমাধানের দাবি জানিয়েছেন। পুলিশ ঘটনাস্থল পরিদর্শন করে প্রাথমিক তদন্ত শুরু করেছে। সংশ্লিষ্ট কর্মকর্তারা জানান, আইনানুগ ব্যবস্থা নেওয়া হবে।

সারাদেশে সড়কে ঝরলো
শেষের পাতার পর

নিজস্ব প্রতিবেদক জানান, স্থানীয় প্রশাসনের পক্ষ থেকে বিষয়টি খতিয়ে দেখা হচ্ছে এবং প্রয়োজনীয় ব্যবস্থা গ্রহণ করা হবে বলে জানানো হয়েছে। এলাকাবাসী এ ঘটনায় উদ্বেগ প্রকাশ করেছেন এবং দ্রুত সমাধানের দাবি জানিয়েছেন। পুলিশ ঘটনাস্থল পরিদর্শন করে প্রাথমিক তদন্ত শুরু করেছে। সংশ্লিষ্ট কর্মকর্তারা জানান, আইনানুগ ব্যবস্থা নেওয়া হবে। নিজস্ব প্রতিবেদক জানান, স্থানীয় প্রশাসনের পক্ষ থেকে বিষয়টি খতিয়ে দেখা হচ্ছে এবং প্রয়োজনীয় ব্যবস্থা গ্রহণ করা হবে বলে জানানো হয়েছে। এলাকাবাসী এ ঘটনায় উদ্বেগ প্রকাশ করেছেন এবং দ্রুত সমাধানের দাবি জানিয়েছেন। পুলিশ ঘটনাস্থল পরিদর্শন করে প্রাথমিক তদন্ত শুরু করেছে। সংশ্লিষ্ট কর্মকর্তারা জানান, আইনানুগ ব্যবস্থা নেওয়া হবে। নিজস্ব প্রতিবেদক জানান, স্থানীয় প্রশাসনের পক্ষ থেকে বিষয়টি খতিয়ে দেখা হচ্ছে এবং প্রয়োজনীয় ব্যবস্থা গ্রহণ করা হবে বলে জানানো হয়েছে। এলাকাবাসী এ ঘটনায় উদ্বেগ প্রকাশ করেছেন এবং দ্রুত সমাধানের দাবি জানিয়েছেন। পুলিশ ঘটনাস্থল পরিদর্শন করে প্রাথমিক তদন্ত শুরু করেছে। সংশ্লিষ্ট কর্মকর্তারা জানান, আইনানুগ ব্যবস্থা নেওয়া হবে। নিজস্ব প্রতিবেদক জানান, স্থানীয় প্রশাসনের পক্ষ থেকে বিষয়টি খতিয়ে দেখা হচ্ছে এবং প্রয়োজনীয় ব্যবস্থা গ্রহণ করা হবে বলে জানানো হয়েছে। এলাকাবাসী এ ঘটনায় উদ্বেগ প্রকাশ করেছেন এবং দ্রুত সমাধানের দাবি জানিয়েছেন। পুলিশ ঘটনাস্থল পরিদর্শন করে প্রাথমিক তদন্ত শুরু করেছে। সংশ্লিষ্ট কর্মকর্তারা জানান, আইনানুগ ব্যবস্থা নেওয়া হবে। নিজস্ব প্রতিবেদক জানান, স্থানীয় প্রশাসনের পক্ষ থেকে বিষয়টি খতিয়ে দেখা হচ্ছে এবং প্রয়োজনীয় ব্যবস্থা গ্রহণ করা হবে বলে জানানো হয়েছে। এলাকাবাসী এ ঘটনায় উদ্বেগ প্রকাশ করেছেন এবং দ্রুত সমাধানের দাবি জানিয়েছেন। পুলিশ ঘটনাস্থল পরিদর্শন করে প্রাথমিক তদন্ত শুরু করেছে। সংশ্লিষ্ট কর্মকর্তারা জানান, আইনানুগ ব্যবস্থা নেওয়া হবে। নিজস্ব প্রতিবেদক জানান, স্থানীয় প্রশাসনের পক্ষ থেকে বিষয়টি খতিয়ে দেখা হচ্ছে এবং প্রয়োজনীয় ব্যবস্থা গ্রহণ করা হবে বলে জানানো হয়েছে। এলাকাবাসী এ ঘটনায় উদ্বেগ প্রকাশ করেছেন এবং দ্রুত সমাধানের দাবি জানিয়েছেন। পুলিশ ঘটনাস্থল পরিদর্শন করে প্রাথমিক তদন্ত শুরু করেছে। সংশ্লিষ্ট কর্মকর্তারা জানান, আইনানুগ ব্যবস্থা নেওয়া হবে।

হুমকিতে পোশাকখাত
শেষের পাতার পর

নিজস্ব প্রতিবেদক জানান, স্থানীয় প্রশাসনের পক্ষ থেকে বিষয়টি খতিয়ে দেখা হচ্ছে এবং প্রয়োজনীয় ব্যবস্থা গ্রহণ করা হবে বলে জানানো হয়েছে। এলাকাবাসী এ ঘটনায় উদ্বেগ প্রকাশ করেছেন এবং দ্রুত সমাধানের দাবি জানিয়েছেন। পুলিশ ঘটনাস্থল পরিদর্শন করে প্রাথমিক তদন্ত শুরু করেছে। সংশ্লিষ্ট কর্মকর্তারা জানান, আইনানুগ ব্যবস্থা নেওয়া হবে। নিজস্ব প্রতিবেদক জানান, স্থানীয় প্রশাসনের পক্ষ থেকে বিষয়টি খতিয়ে দেখা হচ্ছে এবং প্রয়োজনীয় ব্যবস্থা গ্রহণ করা হবে বলে জানানো হয়েছে। এলাকাবাসী এ ঘটনায় উদ্বেগ প্রকাশ করেছেন এবং দ্রুত সমাধানের দাবি জানিয়েছেন। পুলিশ ঘটনাস্থল পরিদর্শন করে প্রাথমিক তদন্ত শুরু করেছে। সংশ্লিষ্ট কর্মকর্তারা জানান, আইনানুগ ব্যবস্থা নেওয়া হবে। নিজস্ব প্রতিবেদক জানান, স্থানীয় প্রশাসনের পক্ষ থেকে বিষয়টি খতিয়ে দেখা হচ্ছে এবং প্রয়োজনীয় ব্যবস্থা গ্রহণ করা হবে বলে জানানো হয়েছে। এলাকাবাসী এ ঘটনায় উদ্বেগ প্রকাশ করেছেন এবং দ্রুত সমাধানের দাবি জানিয়েছেন। পুলিশ ঘটনাস্থল পরিদর্শন করে প্রাথমিক তদন্ত শুরু করেছে। সংশ্লিষ্ট কর্মকর্তারা জানান, আইনানুগ ব্যবস্থা নেওয়া হবে। নিজস্ব প্রতিবেদক জানান, স্থানীয় প্রশাসনের পক্ষ থেকে বিষয়টি খতিয়ে দেখা হচ্ছে এবং প্রয়োজনীয় ব্যবস্থা গ্রহণ করা হবে বলে জানানো হয়েছে। এলাকাবাসী এ ঘটনায় উদ্বেগ প্রকাশ করেছেন এবং দ্রুত সমাধানের দাবি জানিয়েছেন। পুলিশ ঘটনাস্থল পরিদর্শন করে প্রাথমিক তদন্ত শুরু করেছে। সংশ্লিষ্ট কর্মকর্তারা জানান, আইনানুগ ব্যবস্থা নেওয়া হবে। নিজস্ব প্রতিবেদক জানান, স্থানীয় প্রশাসনের পক্ষ থেকে বিষয়টি খতিয়ে দেখা হচ্ছে এবং প্রয়োজনীয় ব্যবস্থা গ্রহণ করা হবে বলে জানানো হয়েছে। এলাকাবাসী এ ঘটনায় উদ্বেগ প্রকাশ করেছেন এবং দ্রুত সমাধানের দাবি জানিয়েছেন। পুলিশ ঘটনাস্থল পরিদর্শন করে প্রাথমিক তদন্ত শুরু করেছে। সংশ্লিষ্ট কর্মকর্তারা জানান, আইনানুগ ব্যবস্থা নেওয়া হবে।

রাজশাহীতে পাচারের সময়
শেষের পাতার পর

নিজস্ব প্রতিবেদক জানান, স্থানীয় প্রশাসনের পক্ষ থেকে বিষয়টি খতিয়ে দেখা হচ্ছে এবং প্রয়োজনীয় ব্যবস্থা গ্রহণ করা হবে বলে জানানো হয়েছে। এলাকাবাসী এ ঘটনায় উদ্বেগ প্রকাশ করেছেন এবং দ্রুত সমাধানের দাবি জানিয়েছেন। পুলিশ ঘটনাস্থল পরিদর্শন করে প্রাথমিক তদন্ত শুরু করেছে। সংশ্লিষ্ট কর্মকর্তারা জানান, আইনানুগ ব্যবস্থা নেওয়া হবে। নিজস্ব প্রতিবেদক জানান, স্থানীয় প্রশাসনের পক্ষ থেকে বিষয়টি খতিয়ে দেখা হচ্ছে এবং প্রয়োজনীয় ব্যবস্থা গ্রহণ করা হবে বলে জানানো হয়েছে। এলাকাবাসী এ ঘটনায় উদ্বেগ প্রকাশ করেছেন এবং দ্রুত সমাধানের দাবি জানিয়েছেন। পুলিশ ঘটনাস্থল পরিদর্শন করে প্রাথমিক তদন্ত শুরু করেছে। সংশ্লিষ্ট কর্মকর্তারা জানান, আইনানুগ ব্যবস্থা নেওয়া হবে। নিজস্ব প্রতিবেদক জানান, স্থানীয় প্রশাসনের পক্ষ থেকে বিষয়টি খতিয়ে দেখা হচ্ছে এবং প্রয়োজনীয় ব্যবস্থা গ্রহণ করা হবে বলে জানানো হয়েছে। এলাকাবাসী এ ঘটনায় উদ্বেগ প্রকাশ করেছেন এবং দ্রুত সমাধানের দাবি জানিয়েছেন। পুলিশ ঘটনাস্থল পরিদর্শন করে প্রাথমিক তদন্ত শুরু করেছে। সংশ্লিষ্ট কর্মকর্তারা জানান, আইনানুগ ব্যবস্থা নেওয়া হবে।

চায়ের নার্সারি বিরাজোত
শেষের পাতার পর

নিজস্ব প্রতিবেদক জানান, স্থানীয় প্রশাসনের পক্ষ থেকে বিষয়টি খতিয়ে দেখা হচ্ছে এবং প্রয়োজনীয় ব্যবস্থা গ্রহণ করা হবে বলে জানানো হয়েছে। এলাকাবাসী এ ঘটনায় উদ্বেগ প্রকাশ করেছেন এবং দ্রুত সমাধানের দাবি জানিয়েছেন। পুলিশ ঘটনাস্থল পরিদর্শন করে প্রাথমিক তদন্ত শুরু করেছে। সংশ্লিষ্ট কর্মকর্তারা জানান, আইনানুগ ব্যবস্থা নেওয়া হবে। নিজস্ব প্রতিবেদক জানান, স্থানীয় প্রশাসনের পক্ষ থেকে বিষয়টি খতিয়ে দেখা হচ্ছে এবং প্রয়োজনীয় ব্যবস্থা গ্রহণ করা হবে বলে জানানো হয়েছে। এলাকাবাসী এ ঘটনায় উদ্বেগ প্রকাশ করেছেন এবং দ্রুত সমাধানের দাবি জানিয়েছেন। পুলিশ ঘটনাস্থল পরিদর্শন করে প্রাথমিক তদন্ত শুরু করেছে। সংশ্লিষ্ট কর্মকর্তারা জানান, আইনানুগ ব্যবস্থা নেওয়া হবে। নিজস্ব প্রতিবেদক জানান, স্থানীয় প্রশাসনের পক্ষ থেকে বিষয়টি খতিয়ে দেখা হচ্ছে এবং প্রয়োজনীয় ব্যবস্থা গ্রহণ করা হবে বলে জানানো হয়েছে। এলাকাবাসী এ ঘটনায় উদ্বেগ প্রকাশ করেছেন এবং দ্রুত সমাধানের দাবি জানিয়েছেন। পুলিশ ঘটনাস্থল পরিদর্শন করে প্রাথমিক তদন্ত শুরু করেছে। সংশ্লিষ্ট কর্মকর্তারা জানান, আইনানুগ ব্যবস্থা নেওয়া হবে।

গাঁজাসহ দুই মাদক ব্যবসায়ী আটক
স্টাফ রিপোর্টার ॥

নিজস্ব প্রতিবেদক জানান, স্থানীয় প্রশাসনের পক্ষ থেকে বিষয়টি খতিয়ে দেখা হচ্ছে এবং প্রয়োজনীয় ব্যবস্থা গ্রহণ করা হবে বলে জানানো হয়েছে। এলাকাবাসী এ ঘটনায় উদ্বেগ প্রকাশ করেছেন এবং দ্রুত সমাধানের দাবি জানিয়েছেন। পুলিশ ঘটনাস্থল পরিদর্শন করে প্রাথমিক তদন্ত শুরু করেছে। সংশ্লিষ্ট কর্মকর্তারা জানান, আইনানুগ ব্যবস্থা নেওয়া হবে। নিজস্ব প্রতিবেদক জানান, স্থানীয় প্রশাসনের পক্ষ থেকে বিষয়টি খতিয়ে দেখা হচ্ছে এবং প্রয়োজনীয় ব্যবস্থা গ্রহণ করা হবে বলে জানানো হয়েছে। এলাকাবাসী এ ঘটনায় উদ্বেগ প্রকাশ করেছেন এবং দ্রুত সমাধানের দাবি জানিয়েছেন। পুলিশ ঘটনাস্থল পরিদর্শন করে প্রাথমিক তদন্ত শুরু করেছে। সংশ্লিষ্ট কর্মকর্তারা জানান, আইনানুগ ব্যবস্থা নেওয়া হবে। নিজস্ব প্রতিবেদক জানান, স্থানীয় প্রশাসনের পক্ষ থেকে বিষয়টি খতিয়ে দেখা হচ্ছে এবং প্রয়োজনীয় ব্যবস্থা গ্রহণ করা হবে বলে জানানো হয়েছে। এলাকাবাসী এ ঘটনায় উদ্বেগ প্রকাশ করেছেন এবং দ্রুত সমাধানের দাবি জানিয়েছেন। পুলিশ ঘটনাস্থল পরিদর্শন করে প্রাথমিক তদন্ত শুরু করেছে। সংশ্লিষ্ট কর্মকর্তারা জানান, আইনানুগ ব্যবস্থা নেওয়া হবে। নিজস্ব প্রতিবেদক জানান, স্থানীয় প্রশাসনের পক্ষ থেকে বিষয়টি খতিয়ে দেখা হচ্ছে এবং প্রয়োজনীয় ব্যবস্থা গ্রহণ করা হবে বলে জানানো হয়েছে। এলাকাবাসী এ ঘটনায় উদ্বেগ প্রকাশ করেছেন এবং দ্রুত সমাধানের দাবি জানিয়েছেন। পুলিশ ঘটনাস্থল পরিদর্শন করে প্রাথমিক তদন্ত শুরু করেছে। সংশ্লিষ্ট কর্মকর্তারা জানান, আইনানুগ ব্যবস্থা নেওয়া হবে।

পেঁয়াজের কেজি
শেষের পাতার পর

নিজস্ব প্রতিবেদক জানান, স্থানীয় প্রশাসনের পক্ষ থেকে বিষয়টি খতিয়ে দেখা হচ্ছে এবং প্রয়োজনীয় ব্যবস্থা গ্রহণ করা হবে বলে জানানো হয়েছে। এলাকাবাসী এ ঘটনায় উদ্বেগ প্রকাশ করেছেন এবং দ্রুত সমাধানের দাবি জানিয়েছেন। পুলিশ ঘটনাস্থল পরিদর্শন করে প্রাথমিক তদন্ত শুরু করেছে। সংশ্লিষ্ট কর্মকর্তারা জানান, আইনানুগ ব্যবস্থা নেওয়া হবে। নিজস্ব প্রতিবেদক জানান, স্থানীয় প্রশাসনের পক্ষ থেকে বিষয়টি খতিয়ে দেখা হচ্ছে এবং প্রয়োজনীয় ব্যবস্থা গ্রহণ করা হবে বলে জানানো হয়েছে। এলাকাবাসী এ ঘটনায় উদ্বেগ প্রকাশ করেছেন এবং দ্রুত সমাধানের দাবি জানিয়েছেন। পুলিশ ঘটনাস্থল পরিদর্শন করে প্রাথমিক তদন্ত শুরু করেছে। সংশ্লিষ্ট কর্মকর্তারা জানান, আইনানুগ ব্যবস্থা নেওয়া হবে। নিজস্ব প্রতিবেদক জানান, স্থানীয় প্রশাসনের পক্ষ থেকে বিষয়টি খতিয়ে দেখা হচ্ছে এবং প্রয়োজনীয় ব্যবস্থা গ্রহণ করা হবে বলে জানানো হয়েছে। এলাকাবাসী এ ঘটনায় উদ্বেগ প্রকাশ করেছেন এবং দ্রুত সমাধানের দাবি জানিয়েছেন। পুলিশ ঘটনাস্থল পরিদর্শন করে প্রাথমিক তদন্ত শুরু করেছে। সংশ্লিষ্ট কর্মকর্তারা জানান, আইনানুগ ব্যবস্থা নেওয়া হবে। নিজস্ব প্রতিবেদক জানান, স্থানীয় প্রশাসনের পক্ষ থেকে বিষয়টি খতিয়ে দেখা হচ্ছে এবং প্রয়োজনীয় ব্যবস্থা গ্রহণ করা হবে বলে জানানো হয়েছে। এলাকাবাসী এ ঘটনায় উদ্বেগ প্রকাশ করেছেন এবং দ্রুত সমাধানের দাবি জানিয়েছেন। পুলিশ ঘটনাস্থল পরিদর্শন করে প্রাথমিক তদন্ত শুরু করেছে। সংশ্লিষ্ট কর্মকর্তারা জানান, আইনানুগ ব্যবস্থা নেওয়া হবে।

হলফনামা

নিজস্ব প্রতিবেদক জানান, স্থানীয় প্রশাসনের পক্ষ থেকে বিষয়টি খতিয়ে দেখা হচ্ছে এবং প্রয়োজনীয় ব্যবস্থা গ্রহণ করা হবে বলে জানানো হয়েছে। এলাকাবাসী এ ঘটনায় উদ্বেগ প্রকাশ করেছেন এবং দ্রুত সমাধানের দাবি জানিয়েছেন। পুলিশ ঘটনাস্থল পরিদর্শন করে প্রাথমিক তদন্ত শুরু করেছে। সংশ্লিষ্ট কর্মকর্তারা জানান, আইনানুগ ব্যবস্থা নেওয়া হবে। নিজস্ব প্রতিবেদক জানান, স্থানীয় প্রশাসনের পক্ষ থেকে বিষয়টি খতিয়ে দেখা হচ্ছে এবং প্রয়োজনীয় ব্যবস্থা গ্রহণ করা হবে বলে জানানো হয়েছে। এলাকাবাসী এ ঘটনায় উদ্বেগ প্রকাশ করেছেন এবং দ্রুত সমাধানের দাবি জানিয়েছেন। পুলিশ ঘটনাস্থল পরিদর্শন করে প্রাথমিক তদন্ত শুরু করেছে। সংশ্লিষ্ট কর্মকর্তারা জানান, আইনানুগ ব্যবস্থা নেওয়া হবে।

হারিয়েছে

নিজস্ব প্রতিবেদক জানান, স্থানীয় প্রশাসনের পক্ষ থেকে বিষয়টি খতিয়ে দেখা হচ্ছে এবং প্রয়োজনীয় ব্যবস্থা গ্রহণ করা হবে বলে জানানো হয়েছে। এলাকাবাসী এ ঘটনায় উদ্বেগ প্রকাশ করেছেন এবং দ্রুত সমাধানের দাবি জানিয়েছেন। পুলিশ ঘটনাস্থল পরিদর্শন করে প্রাথমিক তদন্ত শুরু করেছে। সংশ্লিষ্ট কর্মকর্তারা জানান, আইনানুগ ব্যবস্থা নেওয়া হবে। নিজস্ব প্রতিবেদক জানান, স্থানীয় প্রশাসনের পক্ষ থেকে বিষয়টি খতিয়ে দেখা হচ্ছে এবং প্রয়োজনীয় ব্যবস্থা গ্রহণ করা হবে বলে জানানো হয়েছে। এলাকাবাসী এ ঘটনায় উদ্বেগ প্রকাশ করেছেন এবং দ্রুত সমাধানের দাবি জানিয়েছেন। পুলিশ ঘটনাস্থল পরিদর্শন করে প্রাথমিক তদন্ত শুরু করেছে। সংশ্লিষ্ট কর্মকর্তারা জানান, আইনানুগ ব্যবস্থা নেওয়া হবে।

সংশোধনী

নিজস্ব প্রতিবেদক জানান, স্থানীয় প্রশাসনের পক্ষ থেকে বিষয়টি খতিয়ে দেখা হচ্ছে এবং প্রয়োজনীয় ব্যবস্থা গ্রহণ করা হবে বলে জানানো হয়েছে। এলাকাবাসী এ ঘটনায় উদ্বেগ প্রকাশ করেছেন এবং দ্রুত সমাধানের দাবি জানিয়েছেন। পুলিশ ঘটনাস্থল পরিদর্শন করে প্রাথমিক তদন্ত শুরু করেছে। সংশ্লিষ্ট কর্মকর্তারা জানান, আইনানুগ ব্যবস্থা নেওয়া হবে। নিজস্ব প্রতিবেদক জানান, স্থানীয় প্রশাসনের পক্ষ থেকে বিষয়টি খতিয়ে দেখা হচ্ছে এবং প্রয়োজনীয় ব্যবস্থা গ্রহণ করা হবে বলে জানানো হয়েছে। এলাকাবাসী এ ঘটনায় উদ্বেগ প্রকাশ করেছেন এবং দ্রুত সমাধানের দাবি জানিয়েছেন। পুলিশ ঘটনাস্থল পরিদর্শন করে প্রাথমিক তদন্ত শুরু করেছে। সংশ্লিষ্ট কর্মকর্তারা জানান, আইনানুগ ব্যবস্থা নেওয়া হবে।

হারিয়েছে

নিজস্ব প্রতিবেদক জানান, স্থানীয় প্রশাসনের পক্ষ থেকে বিষয়টি খতিয়ে দেখা হচ্ছে এবং প্রয়োজনীয় ব্যবস্থা গ্রহণ করা হবে বলে জানানো হয়েছে। এলাকাবাসী এ ঘটনায় উদ্বেগ প্রকাশ করেছেন এবং দ্রুত সমাধানের দাবি জানিয়েছেন। পুলিশ ঘটনাস্থল পরিদর্শন করে প্রাথমিক তদন্ত শুরু করেছে। সংশ্লিষ্ট কর্মকর্তারা জানান, আইনানুগ ব্যবস্থা নেওয়া হবে।

নিয়োগ বিজ্ঞপ্তি

নিজস্ব প্রতিবেদক জানান, স্থানীয় প্রশাসনের পক্ষ থেকে বিষয়টি খতিয়ে দেখা হচ্ছে এবং প্রয়োজনীয় ব্যবস্থা গ্রহণ করা হবে বলে জানানো হয়েছে। এলাকাবাসী এ ঘটনায় উদ্বেগ প্রকাশ করেছেন এবং দ্রুত সমাধানের দাবি জানিয়েছেন। পুলিশ ঘটনাস্থল পরিদর্শন করে প্রাথমিক তদন্ত শুরু করেছে। সংশ্লিষ্ট কর্মকর্তারা জানান, আইনানুগ ব্যবস্থা নেওয়া হবে। নিজস্ব প্রতিবেদক জানান, স্থানীয় প্রশাসনের পক্ষ থেকে বিষয়টি খতিয়ে দেখা হচ্ছে এবং প্রয়োজনীয় ব্যবস্থা গ্রহণ করা হবে বলে জানানো হয়েছে। এলাকাবাসী এ ঘটনায় উদ্বেগ প্রকাশ করেছেন এবং দ্রুত সমাধানের দাবি জানিয়েছেন। পুলিশ ঘটনাস্থল পরিদর্শন করে প্রাথমিক তদন্ত শুরু করেছে। সংশ্লিষ্ট কর্মকর্তারা জানান, আইনানুগ ব্যবস্থা নেওয়া হবে।

হলফনামা

নিজস্ব প্রতিবেদক জানান, স্থানীয় প্রশাসনের পক্ষ থেকে বিষয়টি খতিয়ে দেখা হচ্ছে এবং প্রয়োজনীয় ব্যবস্থা গ্রহণ করা হবে বলে জানানো হয়েছে। এলাকাবাসী এ ঘটনায় উদ্বেগ প্রকাশ করেছেন এবং দ্রুত সমাধানের দাবি জানিয়েছেন। পুলিশ ঘটনাস্থল পরিদর্শন করে প্রাথমিক তদন্ত শুরু করেছে। সংশ্লিষ্ট কর্মকর্তারা জানান, আইনানুগ ব্যবস্থা নেওয়া হবে। নিজস্ব প্রতিবেদক জানান, স্থানীয় প্রশাসনের পক্ষ থেকে বিষয়টি খতিয়ে দেখা হচ্ছে এবং প্রয়োজনীয় ব্যবস্থা গ্রহণ করা হবে বলে জানানো হয়েছে। এলাকাবাসী এ ঘটনায় উদ্বেগ প্রকাশ করেছেন এবং দ্রুত সমাধানের দাবি জানিয়েছেন। পুলিশ ঘটনাস্থল পরিদর্শন করে প্রাথমিক তদন্ত শুরু করেছে। সংশ্লিষ্ট কর্মকর্তারা জানান, আইনানুগ ব্যবস্থা নেওয়া হবে।

রাজধানীতে বখাটেদের মারপিটে
শেষের পাতার পর

নিজস্ব প্রতিবেদক জানান, স্থানীয় প্রশাসনের পক্ষ থেকে বিষয়টি খতিয়ে দেখা হচ্ছে এবং প্রয়োজনীয় ব্যবস্থা গ্রহণ করা হবে বলে জানানো হয়েছে। এলাকাবাসী এ ঘটনায় উদ্বেগ প্রকাশ করেছেন এবং দ্রুত সমাধানের দাবি জানিয়েছেন। পুলিশ ঘটনাস্থল পরিদর্শন করে প্রাথমিক তদন্ত শুরু করেছে। সংশ্লিষ্ট কর্মকর্তারা জানান, আইনানুগ ব্যবস্থা নেওয়া হবে। নিজস্ব প্রতিবেদক জানান, স্থানীয় প্রশাসনের পক্ষ থেকে বিষয়টি খতিয়ে দেখা হচ্ছে এবং প্রয়োজনীয় ব্যবস্থা গ্রহণ করা হবে বলে জানানো হয়েছে। এলাকাবাসী এ ঘটনায় উদ্বেগ প্রকাশ করেছেন এবং দ্রুত সমাধানের দাবি জানিয়েছেন। পুলিশ ঘটনাস্থল পরিদর্শন করে প্রাথমিক তদন্ত শুরু করেছে। সংশ্লিষ্ট কর্মকর্তারা জানান, আইনানুগ ব্যবস্থা নেওয়া হবে। নিজস্ব প্রতিবেদক জানান, স্থানীয় প্রশাসনের পক্ষ থেকে বিষয়টি খতিয়ে দেখা হচ্ছে এবং প্রয়োজনীয় ব্যবস্থা গ্রহণ করা হবে বলে জানানো হয়েছে। এলাকাবাসী এ ঘটনায় উদ্বেগ প্রকাশ করেছেন এবং দ্রুত সমাধানের দাবি জানিয়েছেন। পুলিশ ঘটনাস্থল পরিদর্শন করে প্রাথমিক তদন্ত শুরু করেছে। সংশ্লিষ্ট কর্মকর্তারা জানান, আইনানুগ ব্যবস্থা নেওয়া হবে। নিজস্ব প্রতিবেদক জানান, স্থানীয় প্রশাসনের পক্ষ থেকে বিষয়টি খতিয়ে দেখা হচ্ছে এবং প্রয়োজনীয় ব্যবস্থা গ্রহণ করা হবে বলে জানানো হয়েছে। এলাকাবাসী এ ঘটনায় উদ্বেগ প্রকাশ করেছেন এবং দ্রুত সমাধানের দাবি জানিয়েছেন। পুলিশ ঘটনাস্থল পরিদর্শন করে প্রাথমিক তদন্ত শুরু করেছে। সংশ্লিষ্ট কর্মকর্তারা জানান, আইনানুগ ব্যবস্থা নেওয়া হবে। নিজস্ব প্রতিবেদক জানান, স্থানীয় প্রশাসনের পক্ষ থেকে বিষয়টি খতিয়ে দেখা হচ্ছে এবং প্রয়োজনীয় ব্যবস্থা গ্রহণ করা হবে বলে জানানো হয়েছে। এলাকাবাসী এ ঘটনায় উদ্বেগ প্রকাশ করেছেন এবং দ্রুত সমাধানের দাবি জানিয়েছেন। পুলিশ ঘটনাস্থল পরিদর্শন করে প্রাথমিক তদন্ত শুরু করেছে। সংশ্লিষ্ট কর্মকর্তারা জানান, আইনানুগ ব্যবস্থা নেওয়া হবে।

ভোগান্তিতে চার জেলার
শেষের পাতার পর

নিজস্ব প্রতিবেদক জানান, স্থানীয় প্রশাসনের পক্ষ থেকে বিষয়টি খতিয়ে দেখা হচ্ছে এবং প্রয়োজনীয় ব্যবস্থা গ্রহণ করা হবে বলে জানানো হয়েছে। এলাকাবাসী এ ঘটনায় উদ্বেগ প্রকাশ করেছেন এবং দ্রুত সমাধানের দাবি জানিয়েছেন। পুলিশ ঘটনাস্থল পরিদর্শন করে প্রাথমিক তদন্ত শুরু করেছে। সংশ্লিষ্ট কর্মকর্তারা জানান, আইনানুগ ব্যবস্থা নেওয়া হবে। নিজস্ব প্রতিবেদক জানান, স্থানীয় প্রশাসনের পক্ষ থেকে বিষয়টি খতিয়ে দেখা হচ্ছে এবং প্রয়োজনীয় ব্যবস্থা গ্রহণ করা হবে বলে জানানো হয়েছে। এলাকাবাসী এ ঘটনায় উদ্বেগ প্রকাশ করেছেন এবং দ্রুত সমাধানের দাবি জানিয়েছেন। পুলিশ ঘটনাস্থল পরিদর্শন করে প্রাথমিক তদন্ত শুরু করেছে। সংশ্লিষ্ট কর্মকর্তারা জানান, আইনানুগ ব্যবস্থা নেওয়া হবে। নিজস্ব প্রতিবেদক জানান, স্থানীয় প্রশাসনের পক্ষ থেকে বিষয়টি খতিয়ে দেখা হচ্ছে এবং প্রয়োজনীয় ব্যবস্থা গ্রহণ করা হবে বলে জানানো হয়েছে। এলাকাবাসী এ ঘটনায় উদ্বেগ প্রকাশ করেছেন এবং দ্রুত সমাধানের দাবি জানিয়েছেন। পুলিশ ঘটনাস্থল পরিদর্শন করে প্রাথমিক তদন্ত শুরু করেছে। সংশ্লিষ্ট কর্মকর্তারা জানান, আইনানুগ ব্যবস্থা নেওয়া হবে। নিজস্ব প্রতিবেদক জানান, স্থানীয় প্রশাসনের পক্ষ থেকে বিষয়টি খতিয়ে দেখা হচ্ছে এবং প্রয়োজনীয় ব্যবস্থা গ্রহণ করা হবে বলে জানানো হয়েছে। এলাকাবাসী এ ঘটনায় উদ্বেগ প্রকাশ করেছেন এবং দ্রুত সমাধানের দাবি জানিয়েছেন। পুলিশ ঘটনাস্থল পরিদর্শন করে প্রাথমিক তদন্ত শুরু করেছে। সংশ্লিষ্ট কর্মকর্তারা জানান, আইনানুগ ব্যবস্থা নেওয়া হবে। নিজস্ব প্রতিবেদক জানান, স্থানীয় প্রশাসনের পক্ষ থেকে বিষয়টি খতিয়ে দেখা হচ্ছে এবং প্রয়োজনীয় ব্যবস্থা গ্রহণ করা হবে বলে জানানো হয়েছে। এলাকাবাসী এ ঘটনায় উদ্বেগ প্রকাশ করেছেন এবং দ্রুত সমাধানের দাবি জানিয়েছেন। পুলিশ ঘটনাস্থল পরিদর্শন করে প্রাথমিক তদন্ত শুরু করেছে। সংশ্লিষ্ট কর্মকর্তারা জানান, আইনানুগ ব্যবস্থা নেওয়া হবে। নিজস্ব প্রতিবেদক জানান, স্থানীয় প্রশাসনের পক্ষ থেকে বিষয়টি খতিয়ে দেখা হচ্ছে এবং প্রয়োজনীয় ব্যবস্থা গ্রহণ করা হবে বলে জানানো হয়েছে। এলাকাবাসী এ ঘটনায় উদ্বেগ প্রকাশ করেছেন এবং দ্রুত সমাধানের দাবি জানিয়েছেন। পুলিশ ঘটনাস্থল পরিদর্শন করে প্রাথমিক তদন্ত শুরু করেছে। সংশ্লিষ্ট কর্মকর্তারা জানান, আইনানুগ ব্যবস্থা নেওয়া হবে। নিজস্ব প্রতিবেদক জানান, স্থানীয় প্রশাসনের পক্ষ থেকে বিষয়টি খতিয়ে দেখা হচ্ছে এবং প্রয়োজনীয় ব্যবস্থা গ্রহণ করা হবে বলে জানানো হয়েছে। এলাকাবাসী এ ঘটনায় উদ্বেগ প্রকাশ করেছেন এবং দ্রুত সমাধানের দাবি জানিয়েছেন। পুলিশ ঘটনাস্থল পরিদর্শন করে প্রাথমিক তদন্ত শুরু করেছে। সংশ্লিষ্ট কর্মকর্তারা জানান, আইনানুগ ব্যবস্থা নেওয়া হবে। নিজস্ব প্রতিবেদক জানান, স্থানীয় প্রশাসনের পক্ষ থেকে বিষয়টি খতিয়ে দেখা হচ্ছে এবং প্রয়োজনীয় ব্যবস্থা গ্রহণ করা হবে বলে জানানো হয়েছে। এলাকাবাসী এ ঘটনায় উদ্বেগ প্রকাশ করেছেন এবং দ্রুত সমাধানের দাবি জানিয়েছেন। পুলিশ ঘটনাস্থল পরিদর্শন করে প্রাথমিক তদন্ত শুরু করেছে। সংশ্লিষ্ট কর্মকর্তারা জানান, আইনানুগ ব্যবস্থা নেওয়া হবে।

যমুনার চরের লাল
শেষের পাতার পর

নিজস্ব প্রতিবেদক জানান, স্থানীয় প্রশাসনের পক্ষ থেকে বিষয়টি খতিয়ে দেখা হচ্ছে এবং প্রয়োজনীয় ব্যবস্থা গ্রহণ করা হবে বলে জানানো হয়েছে। এলাকাবাসী এ ঘটনায় উদ্বেগ প্রকাশ করেছেন এবং দ্রুত সমাধানের দাবি জানিয়েছেন। পুলিশ ঘটনাস্থল পরিদর্শন করে প্রাথমিক তদন্ত শুরু করেছে। সংশ্লিষ্ট কর্মকর্তারা জানান, আইনানুগ ব্যবস্থা নেওয়া হবে। নিজস্ব প্রতিবেদক জানান, স্থানীয় প্রশাসনের পক্ষ থেকে বিষয়টি খতিয়ে দেখা হচ্ছে এবং প্রয়োজনীয় ব্যবস্থা গ্রহণ করা হবে বলে জানানো হয়েছে। এলাকাবাসী এ ঘটনায় উদ্বেগ প্রকাশ করেছেন এবং দ্রুত সমাধানের দাবি জানিয়েছেন। পুলিশ ঘটনাস্থল পরিদর্শন করে প্রাথমিক তদন্ত শুরু করেছে। সংশ্লিষ্ট কর্মকর্তারা জানান, আইনানুগ ব্যবস্থা নেওয়া হবে। নিজস্ব প্রতিবেদক জানান, স্থানীয় প্রশাসনের পক্ষ থেকে বিষয়টি খতিয়ে দেখা হচ্ছে এবং প্রয়োজনীয় ব্যবস্থা গ্রহণ করা হবে বলে জানানো হয়েছে। এলাকাবাসী এ ঘটনায় উদ্বেগ প্রকাশ করেছেন এবং দ্রুত সমাধানের দাবি জানিয়েছেন। পুলিশ ঘটনাস্থল পরিদর্শন করে প্রাথমিক তদন্ত শুরু করেছে। সংশ্লিষ্ট কর্মকর্তারা জানান, আইনানুগ ব্যবস্থা নেওয়া হবে। নিজস্ব প্রতিবেদক জানান, স্থানীয় প্রশাসনের পক্ষ থেকে বিষয়টি খতিয়ে দেখা হচ্ছে এবং প্রয়োজনীয় ব্যবস্থা গ্রহণ করা হবে বলে জানানো হয়েছে। এলাকাবাসী এ ঘটনায় উদ্বেগ প্রকাশ করেছেন এবং দ্রুত সমাধানের দাবি জানিয়েছেন। পুলিশ ঘটনাস্থল পরিদর্শন করে প্রাথমিক তদন্ত শুরু করেছে। সংশ্লিষ্ট কর্মকর্তারা জানান, আইনানুগ ব্যবস্থা নেওয়া হবে। নিজস্ব প্রতিবেদক জানান, স্থানীয় প্রশাসনের পক্ষ থেকে বিষয়টি খতিয়ে দেখা হচ্ছে এবং প্রয়োজনীয় ব্যবস্থা গ্রহণ করা হবে বলে জানানো হয়েছে। এলাকাবাসী এ ঘটনায় উদ্বেগ প্রকাশ করেছেন এবং দ্রুত সমাধানের দাবি জানিয়েছেন। পুলিশ ঘটনাস্থল পরিদর্শন করে প্রাথমিক তদন্ত শুরু করেছে। সংশ্লিষ্ট কর্মকর্তারা জানান, আইনানুগ ব্যবস্থা নেওয়া হবে। নিজস্ব প্রতিবেদক জানান, স্থানীয় প্রশাসনের পক্ষ থেকে বিষয়টি খতিয়ে দেখা হচ্ছে এবং প্রয়োজনীয় ব্যবস্থা গ্রহণ করা হবে বলে জানানো হয়েছে। এলাকাবাসী এ ঘটনায় উদ্বেগ প্রকাশ করেছেন এবং দ্রুত সমাধানের দাবি জানিয়েছেন। পুলিশ ঘটনাস্থল পরিদর্শন করে প্রাথমিক তদন্ত শুরু করেছে। সংশ্লিষ্ট কর্মকর্তারা জানান, আইনানুগ ব্যবস্থা নেওয়া হবে। নিজস্ব প্রতিবেদক জানান, স্থানীয় প্রশাসনের পক্ষ থেকে বিষয়টি খতিয়ে দেখা হচ্ছে এবং প্রয়োজনীয় ব্যবস্থা গ্রহণ করা হবে বলে জানানো হয়েছে। এলাকাবাসী এ ঘটনায় উদ্বেগ প্রকাশ করেছেন এবং দ্রুত সমাধানের দাবি জানিয়েছেন। পুলিশ ঘটনাস্থল পরিদর্শন করে প্রাথমিক তদন্ত শুরু করেছে। সংশ্লিষ্ট কর্মকর্তারা জানান, আইনানুগ ব্যবস্থা নেওয়া হবে।

গণপ্রজাতন্ত্রী বাংলাদেশ সরকার
চীফ মেট্রোপলিটন ম্যাজিস্ট্রেট এর কার্যালয়, ঢাকা।
আসামীর নাম ও ঠিকানা	মামলার নম্বর ও ধারা
গণপ্রজাতন্ত্রী বাংলাদেশ সরকার
চীফ মেট্রোপলিটন ম্যাজিস্ট্রেট এর কার্যালয়, ঢাকা।
আসামীর নাম ও ঠিকানা	মামলার নম্বর ও ধারা
